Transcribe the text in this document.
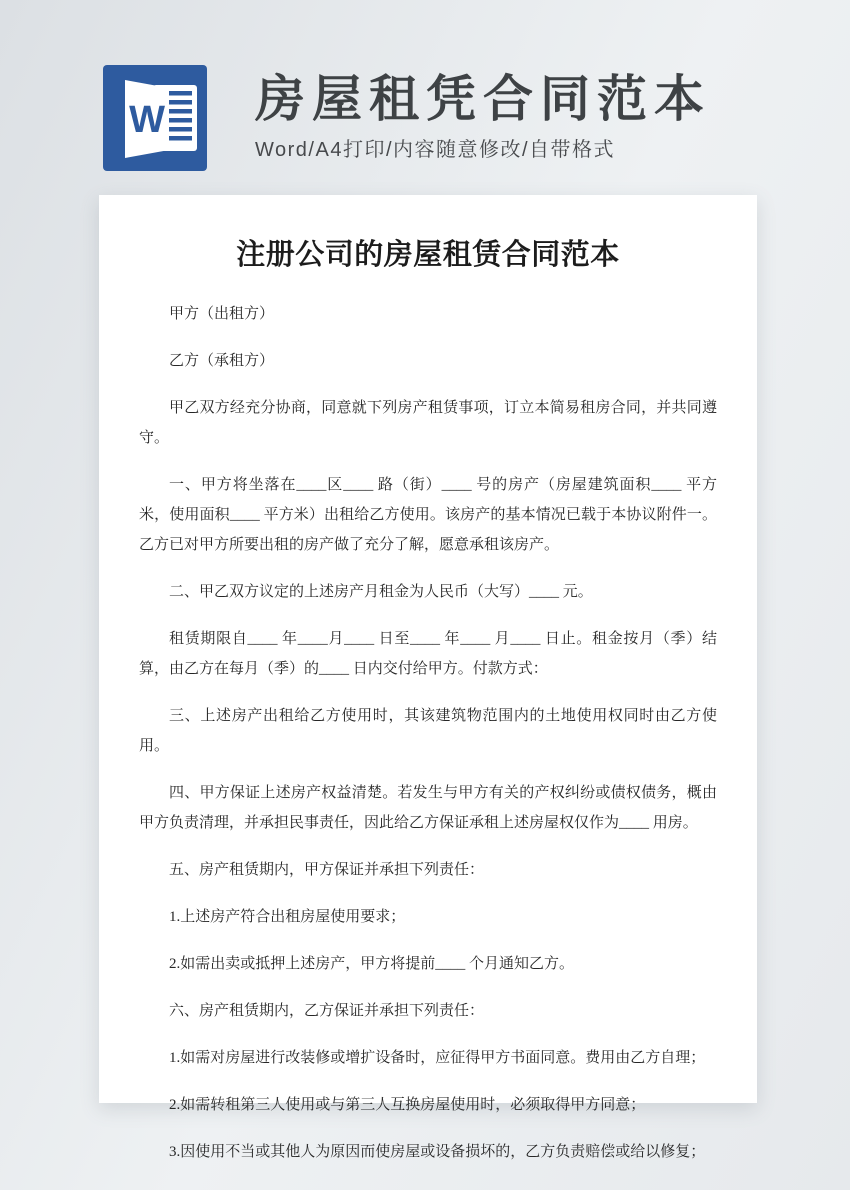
W 房屋租凭合同范本
Word/A4打印/内容随意修改/自带格式
注册公司的房屋租赁合同范本

甲方（出租方）

乙方（承租方）

甲乙双方经充分协商，同意就下列房产租赁事项，订立本简易租房合同，并共同遵守。

一、甲方将坐落在____区____ 路（街）____ 号的房产（房屋建筑面积____ 平方米，使用面积____ 平方米）出租给乙方使用。该房产的基本情况已载于本协议附件一。乙方已对甲方所要出租的房产做了充分了解，愿意承租该房产。

二、甲乙双方议定的上述房产月租金为人民币（大写）____ 元。

租赁期限自____ 年____月____ 日至____ 年____ 月____ 日止。租金按月（季）结算，由乙方在每月（季）的____ 日内交付给甲方。付款方式：

三、上述房产出租给乙方使用时，其该建筑物范围内的土地使用权同时由乙方使用。

四、甲方保证上述房产权益清楚。若发生与甲方有关的产权纠纷或债权债务，概由甲方负责清理，并承担民事责任，因此给乙方保证承租上述房屋权仅作为____ 用房。

五、房产租赁期内，甲方保证并承担下列责任：

1.上述房产符合出租房屋使用要求；

2.如需出卖或抵押上述房产，甲方将提前____ 个月通知乙方。

六、房产租赁期内，乙方保证并承担下列责任：

1.如需对房屋进行改装修或增扩设备时，应征得甲方书面同意。费用由乙方自理；

2.如需转租第三人使用或与第三人互换房屋使用时，必须取得甲方同意；

3.因使用不当或其他人为原因而使房屋或设备损坏的，乙方负责赔偿或给以修复；
